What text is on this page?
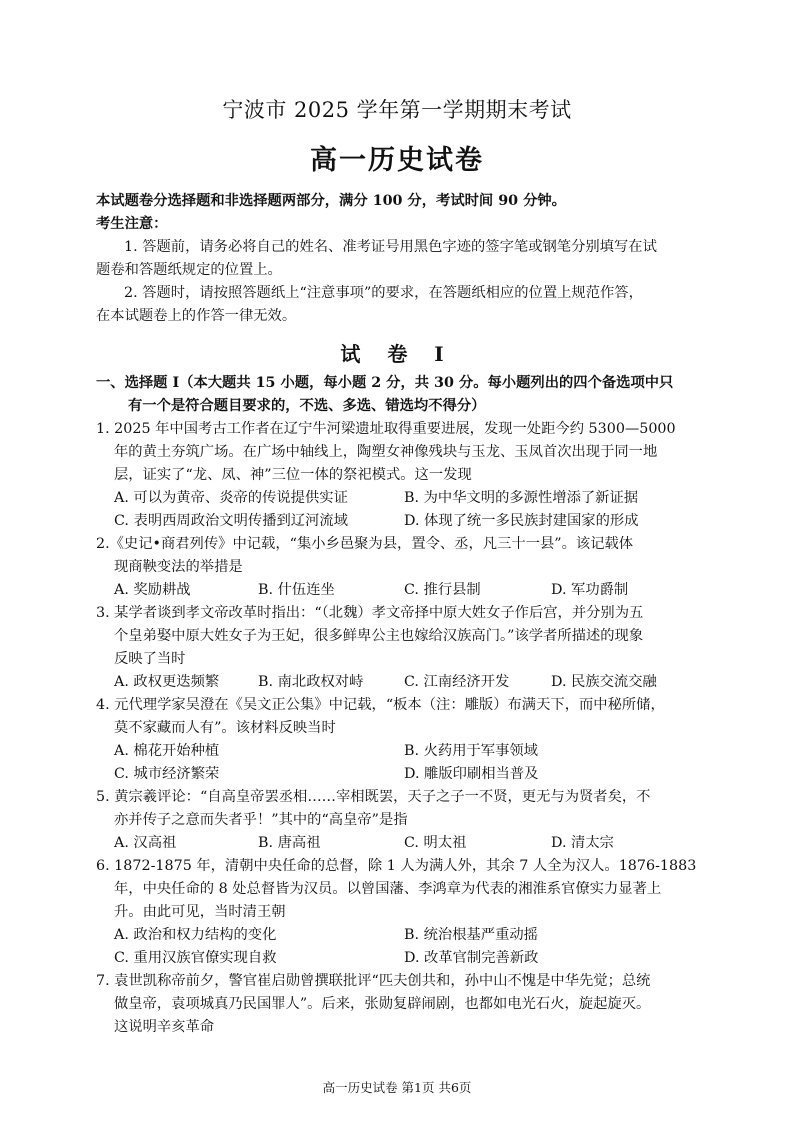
宁波市 2025 学年第一学期期末考试
高一历史试卷
本试题卷分选择题和非选择题两部分，满分 100 分，考试时间 90 分钟。
考生注意：
1. 答题前，请务必将自己的姓名、准考证号用黑色字迹的签字笔或钢笔分别填写在试
题卷和答题纸规定的位置上。
2. 答题时，请按照答题纸上“注意事项”的要求，在答题纸相应的位置上规范作答，
在本试题卷上的作答一律无效。
试 卷 I
一、选择题 I（本大题共 15 小题，每小题 2 分，共 30 分。每小题列出的四个备选项中只
有一个是符合题目要求的，不选、多选、错选均不得分）
1. 2025 年中国考古工作者在辽宁牛河梁遗址取得重要进展，发现一处距今约 5300—5000
年的黄土夯筑广场。在广场中轴线上，陶塑女神像残块与玉龙、玉凤首次出现于同一地
层，证实了“龙、凤、神”三位一体的祭祀模式。这一发现
A. 可以为黄帝、炎帝的传说提供实证	B. 为中华文明的多源性增添了新证据
C. 表明西周政治文明传播到辽河流域	D. 体现了统一多民族封建国家的形成
2.《史记•商君列传》中记载，“集小乡邑聚为县，置令、丞，凡三十一县”。该记载体
现商鞅变法的举措是
A. 奖励耕战	B. 什伍连坐	C. 推行县制	D. 军功爵制
3. 某学者谈到孝文帝改革时指出：“（北魏）孝文帝择中原大姓女子作后宫，并分别为五
个皇弟娶中原大姓女子为王妃，很多鲜卑公主也嫁给汉族高门。”该学者所描述的现象
反映了当时
A. 政权更迭频繁	B. 南北政权对峙	C. 江南经济开发	D. 民族交流交融
4. 元代理学家吴澄在《吴文正公集》中记载，“板本（注：雕版）布满天下，而中秘所储，
莫不家藏而人有”。该材料反映当时
A. 棉花开始种植	B. 火药用于军事领域
C. 城市经济繁荣	D. 雕版印刷相当普及
5. 黄宗羲评论：“自高皇帝罢丞相……宰相既罢，天子之子一不贤，更无与为贤者矣，不
亦并传子之意而失者乎！”其中的“高皇帝”是指
A. 汉高祖	B. 唐高祖	C. 明太祖	D. 清太宗
6. 1872-1875 年，清朝中央任命的总督，除 1 人为满人外，其余 7 人全为汉人。1876-1883
年，中央任命的 8 处总督皆为汉员。以曾国藩、李鸿章为代表的湘淮系官僚实力显著上
升。由此可见，当时清王朝
A. 政治和权力结构的变化	B. 统治根基严重动摇
C. 重用汉族官僚实现自救	D. 改革官制完善新政
7. 袁世凯称帝前夕，警官崔启勋曾撰联批评“匹夫创共和，孙中山不愧是中华先觉；总统
做皇帝，袁项城真乃民国罪人”。后来，张勋复辟闹剧，也都如电光石火，旋起旋灭。
这说明辛亥革命
高一历史试卷 第1页 共6页
